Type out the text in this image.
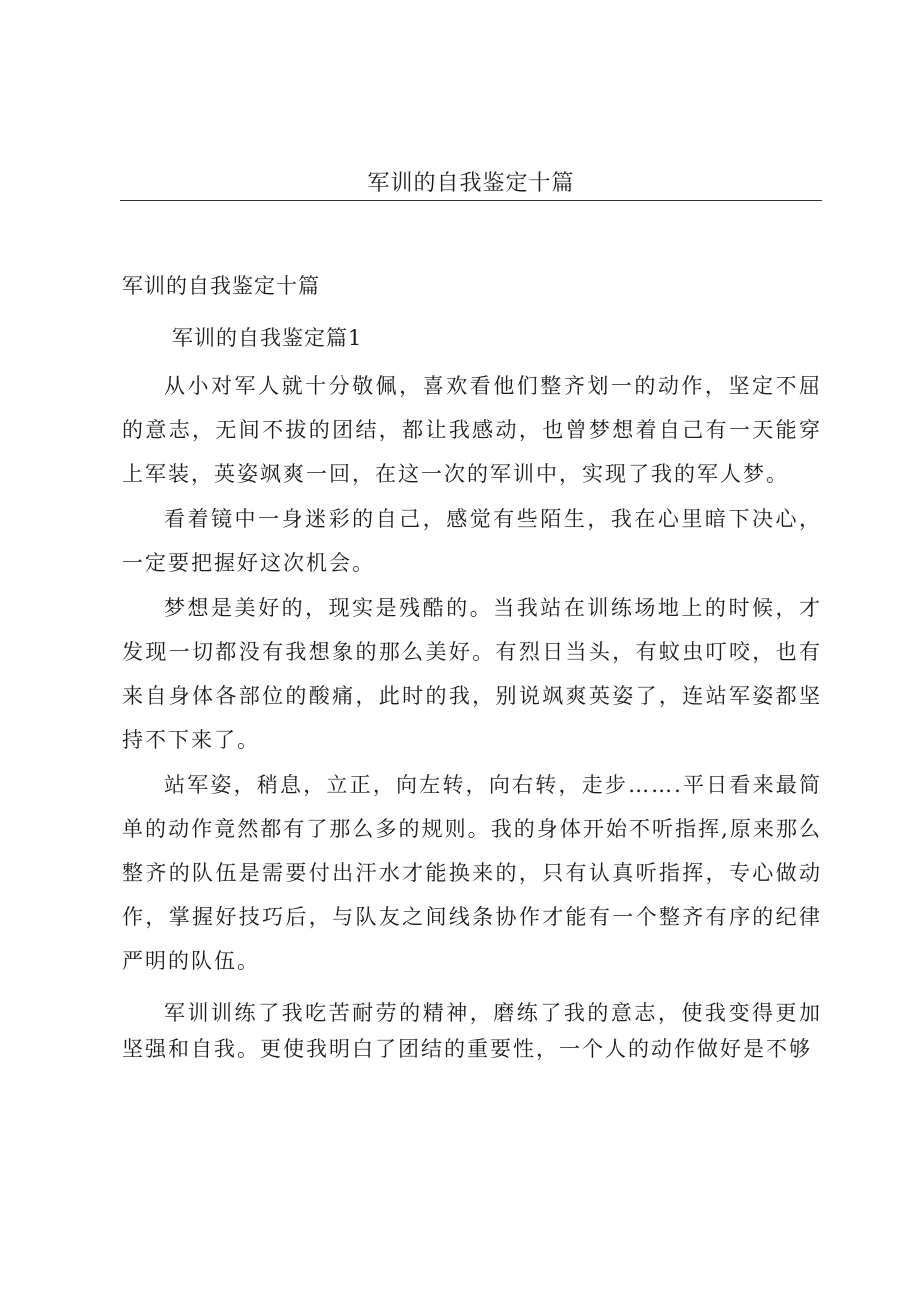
军训的自我鉴定十篇
军训的自我鉴定十篇
军训的自我鉴定篇1

从小对军人就十分敬佩，喜欢看他们整齐划一的动作，坚定不屈的意志，无间不拔的团结，都让我感动，也曾梦想着自己有一天能穿上军装，英姿飒爽一回，在这一次的军训中，实现了我的军人梦。

看着镜中一身迷彩的自己，感觉有些陌生，我在心里暗下决心，一定要把握好这次机会。

梦想是美好的，现实是残酷的。当我站在训练场地上的时候，才发现一切都没有我想象的那么美好。有烈日当头，有蚊虫叮咬，也有来自身体各部位的酸痛，此时的我，别说飒爽英姿了，连站军姿都坚持不下来了。

站军姿，稍息，立正，向左转，向右转，走步…….平日看来最简单的动作竟然都有了那么多的规则。我的身体开始不听指挥,原来那么整齐的队伍是需要付出汗水才能换来的，只有认真听指挥，专心做动作，掌握好技巧后，与队友之间线条协作才能有一个整齐有序的纪律严明的队伍。

军训训练了我吃苦耐劳的精神，磨练了我的意志，使我变得更加坚强和自我。更使我明白了团结的重要性，一个人的动作做好是不够
